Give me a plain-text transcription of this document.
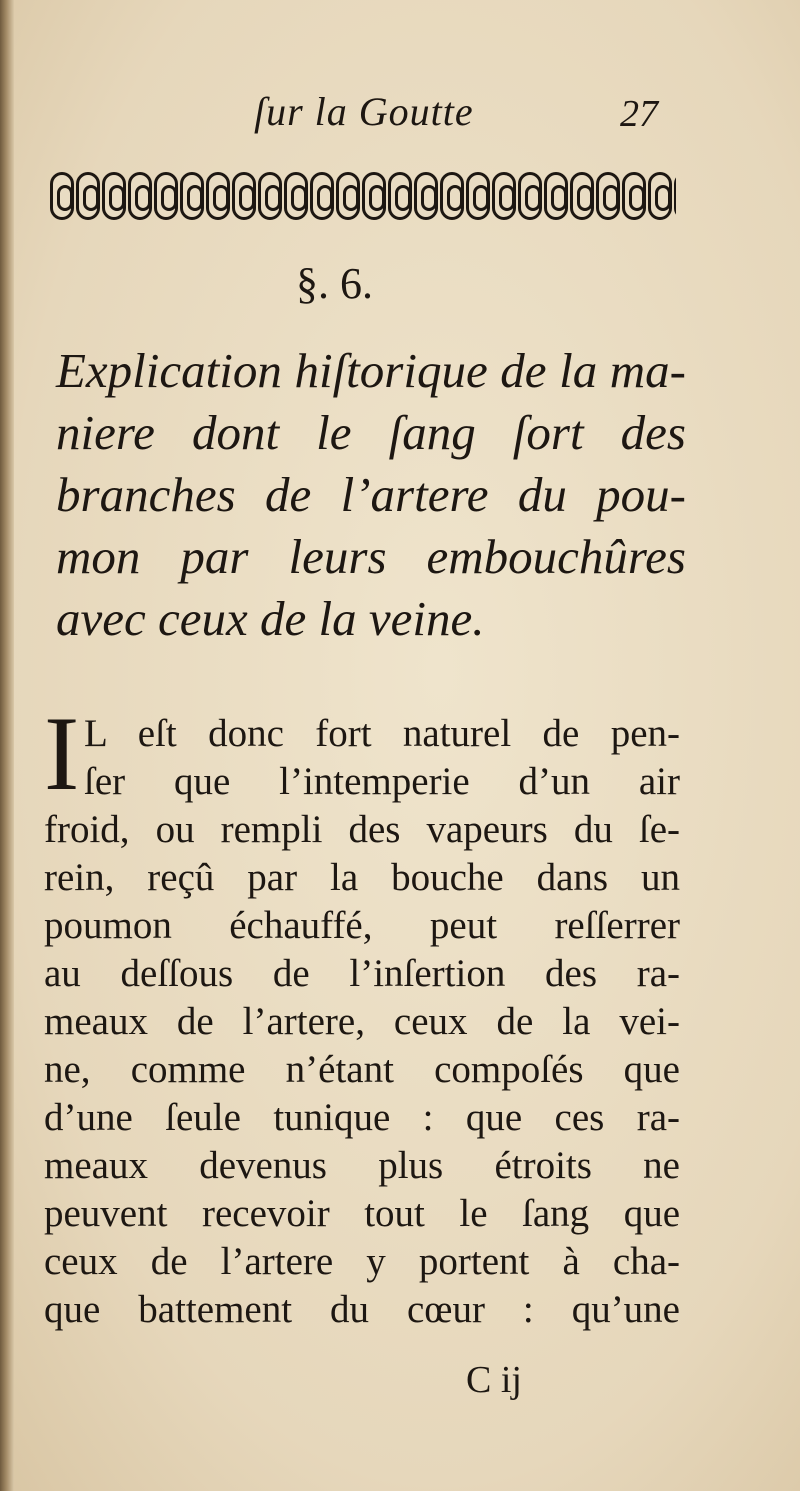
ſur la Goutte	27
§. 6.
Explication hiſtorique de la ma-
niere dont le ſang ſort des
branches de l’artere du pou-
mon par leurs embouchûres
avec ceux de la veine.
I L eſt donc fort naturel de pen-
ſer que l’intemperie d’un air
froid, ou rempli des vapeurs du ſe-
rein, reçû par la bouche dans un
poumon échauffé, peut reſſerrer
au deſſous de l’inſertion des ra-
meaux de l’artere, ceux de la vei-
ne, comme n’étant compoſés que
d’une ſeule tunique : que ces ra-
meaux devenus plus étroits ne
peuvent recevoir tout le ſang que
ceux de l’artere y portent à cha-
que battement du cœur : qu’une
C ij
